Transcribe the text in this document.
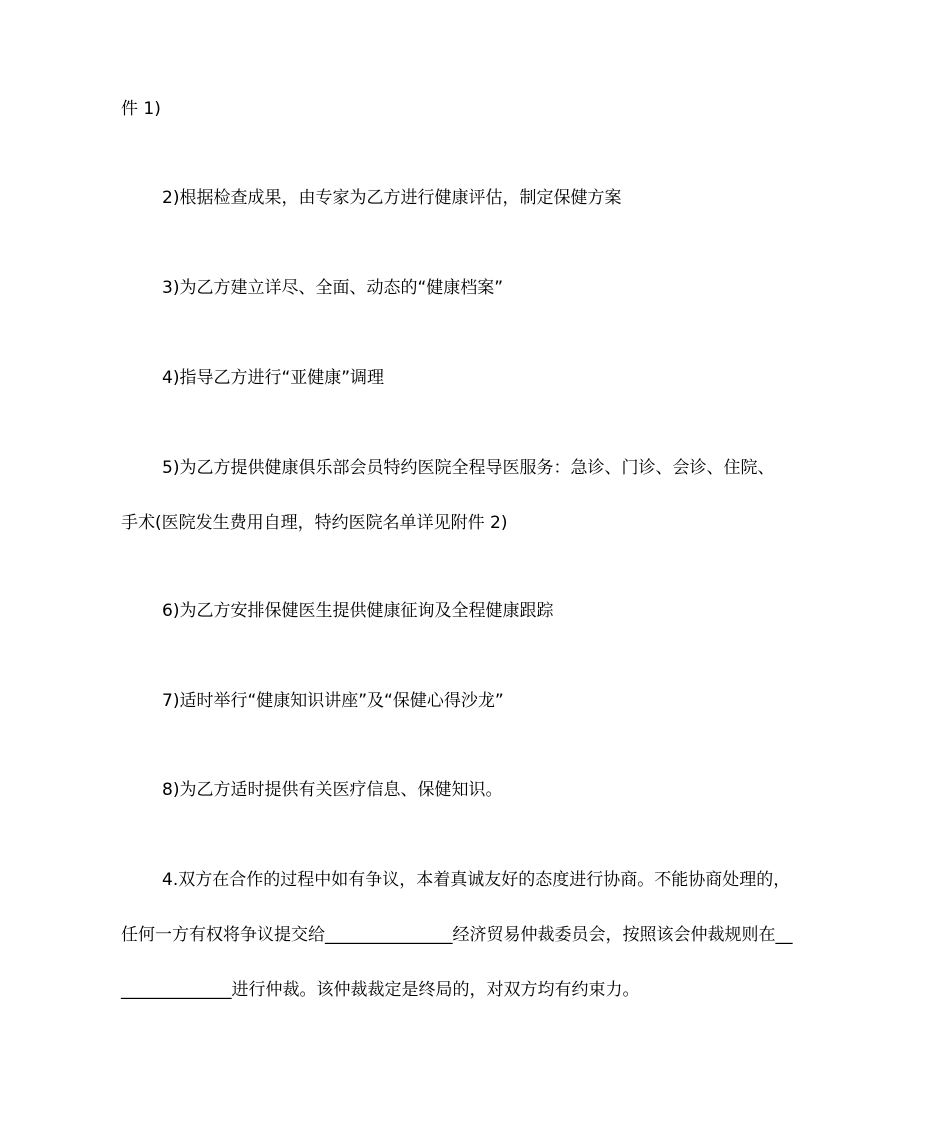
件 1)
2)根据检查成果，由专家为乙方进行健康评估，制定保健方案
3)为乙方建立详尽、全面、动态的“健康档案”
4)指导乙方进行“亚健康”调理
5)为乙方提供健康俱乐部会员特约医院全程导医服务：急诊、门诊、会诊、住院、
手术(医院发生费用自理，特约医院名单详见附件 2)
6)为乙方安排保健医生提供健康征询及全程健康跟踪
7)适时举行“健康知识讲座”及“保健心得沙龙”
8)为乙方适时提供有关医疗信息、保健知识。
4.双方在合作的过程中如有争议，本着真诚友好的态度进行协商。不能协商处理的，
任何一方有权将争议提交给_______________经济贸易仲裁委员会，按照该会仲裁规则在__
_____________进行仲裁。该仲裁裁定是终局的，对双方均有约束力。
